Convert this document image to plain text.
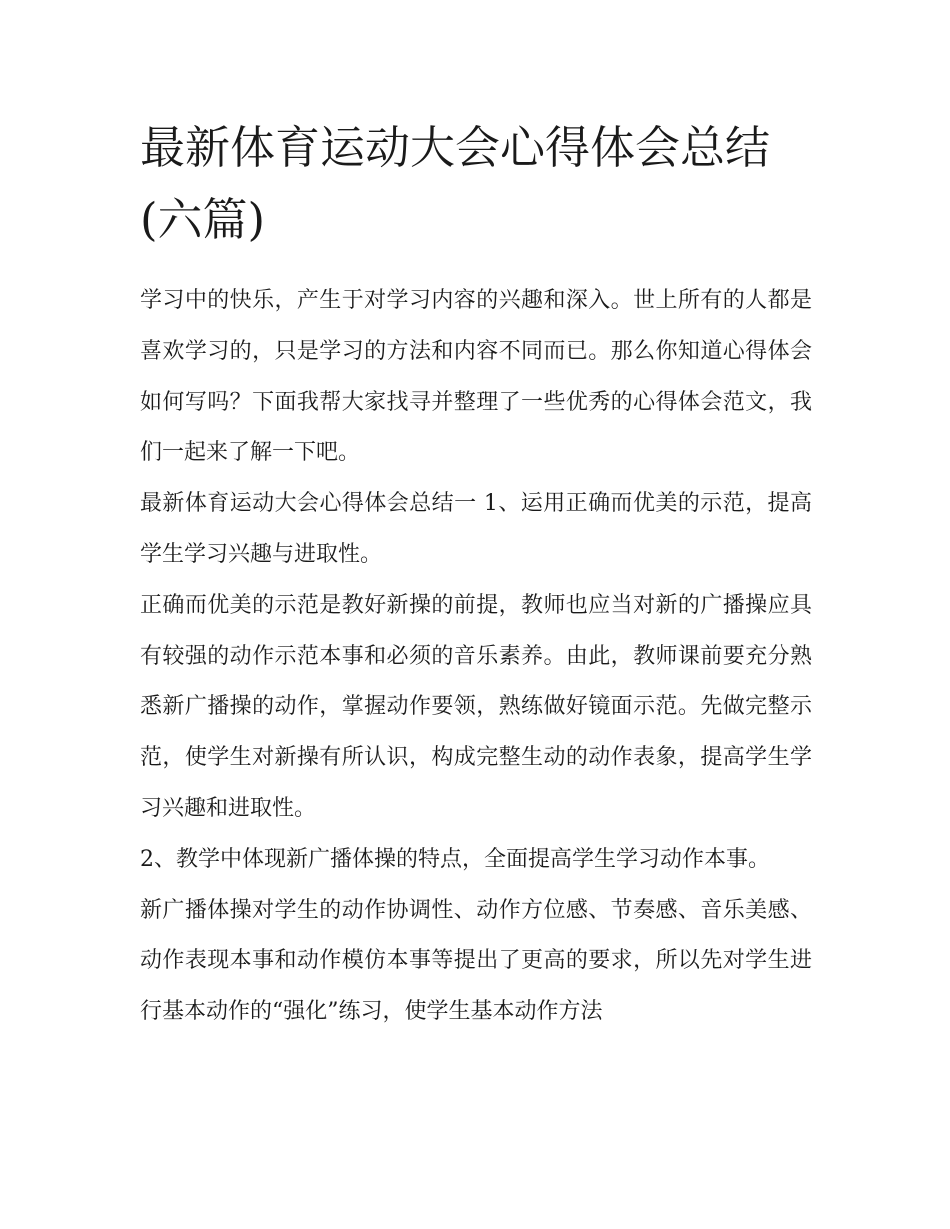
最新体育运动大会心得体会总结(六篇)

学习中的快乐，产生于对学习内容的兴趣和深入。世上所有的人都是喜欢学习的，只是学习的方法和内容不同而已。那么你知道心得体会如何写吗？下面我帮大家找寻并整理了一些优秀的心得体会范文，我们一起来了解一下吧。

最新体育运动大会心得体会总结一 1、运用正确而优美的示范，提高学生学习兴趣与进取性。

正确而优美的示范是教好新操的前提，教师也应当对新的广播操应具有较强的动作示范本事和必须的音乐素养。由此，教师课前要充分熟悉新广播操的动作，掌握动作要领，熟练做好镜面示范。先做完整示范，使学生对新操有所认识，构成完整生动的动作表象，提高学生学习兴趣和进取性。

2、教学中体现新广播体操的特点，全面提高学生学习动作本事。

新广播体操对学生的动作协调性、动作方位感、节奏感、音乐美感、动作表现本事和动作模仿本事等提出了更高的要求，所以先对学生进行基本动作的“强化”练习，使学生基本动作方法
